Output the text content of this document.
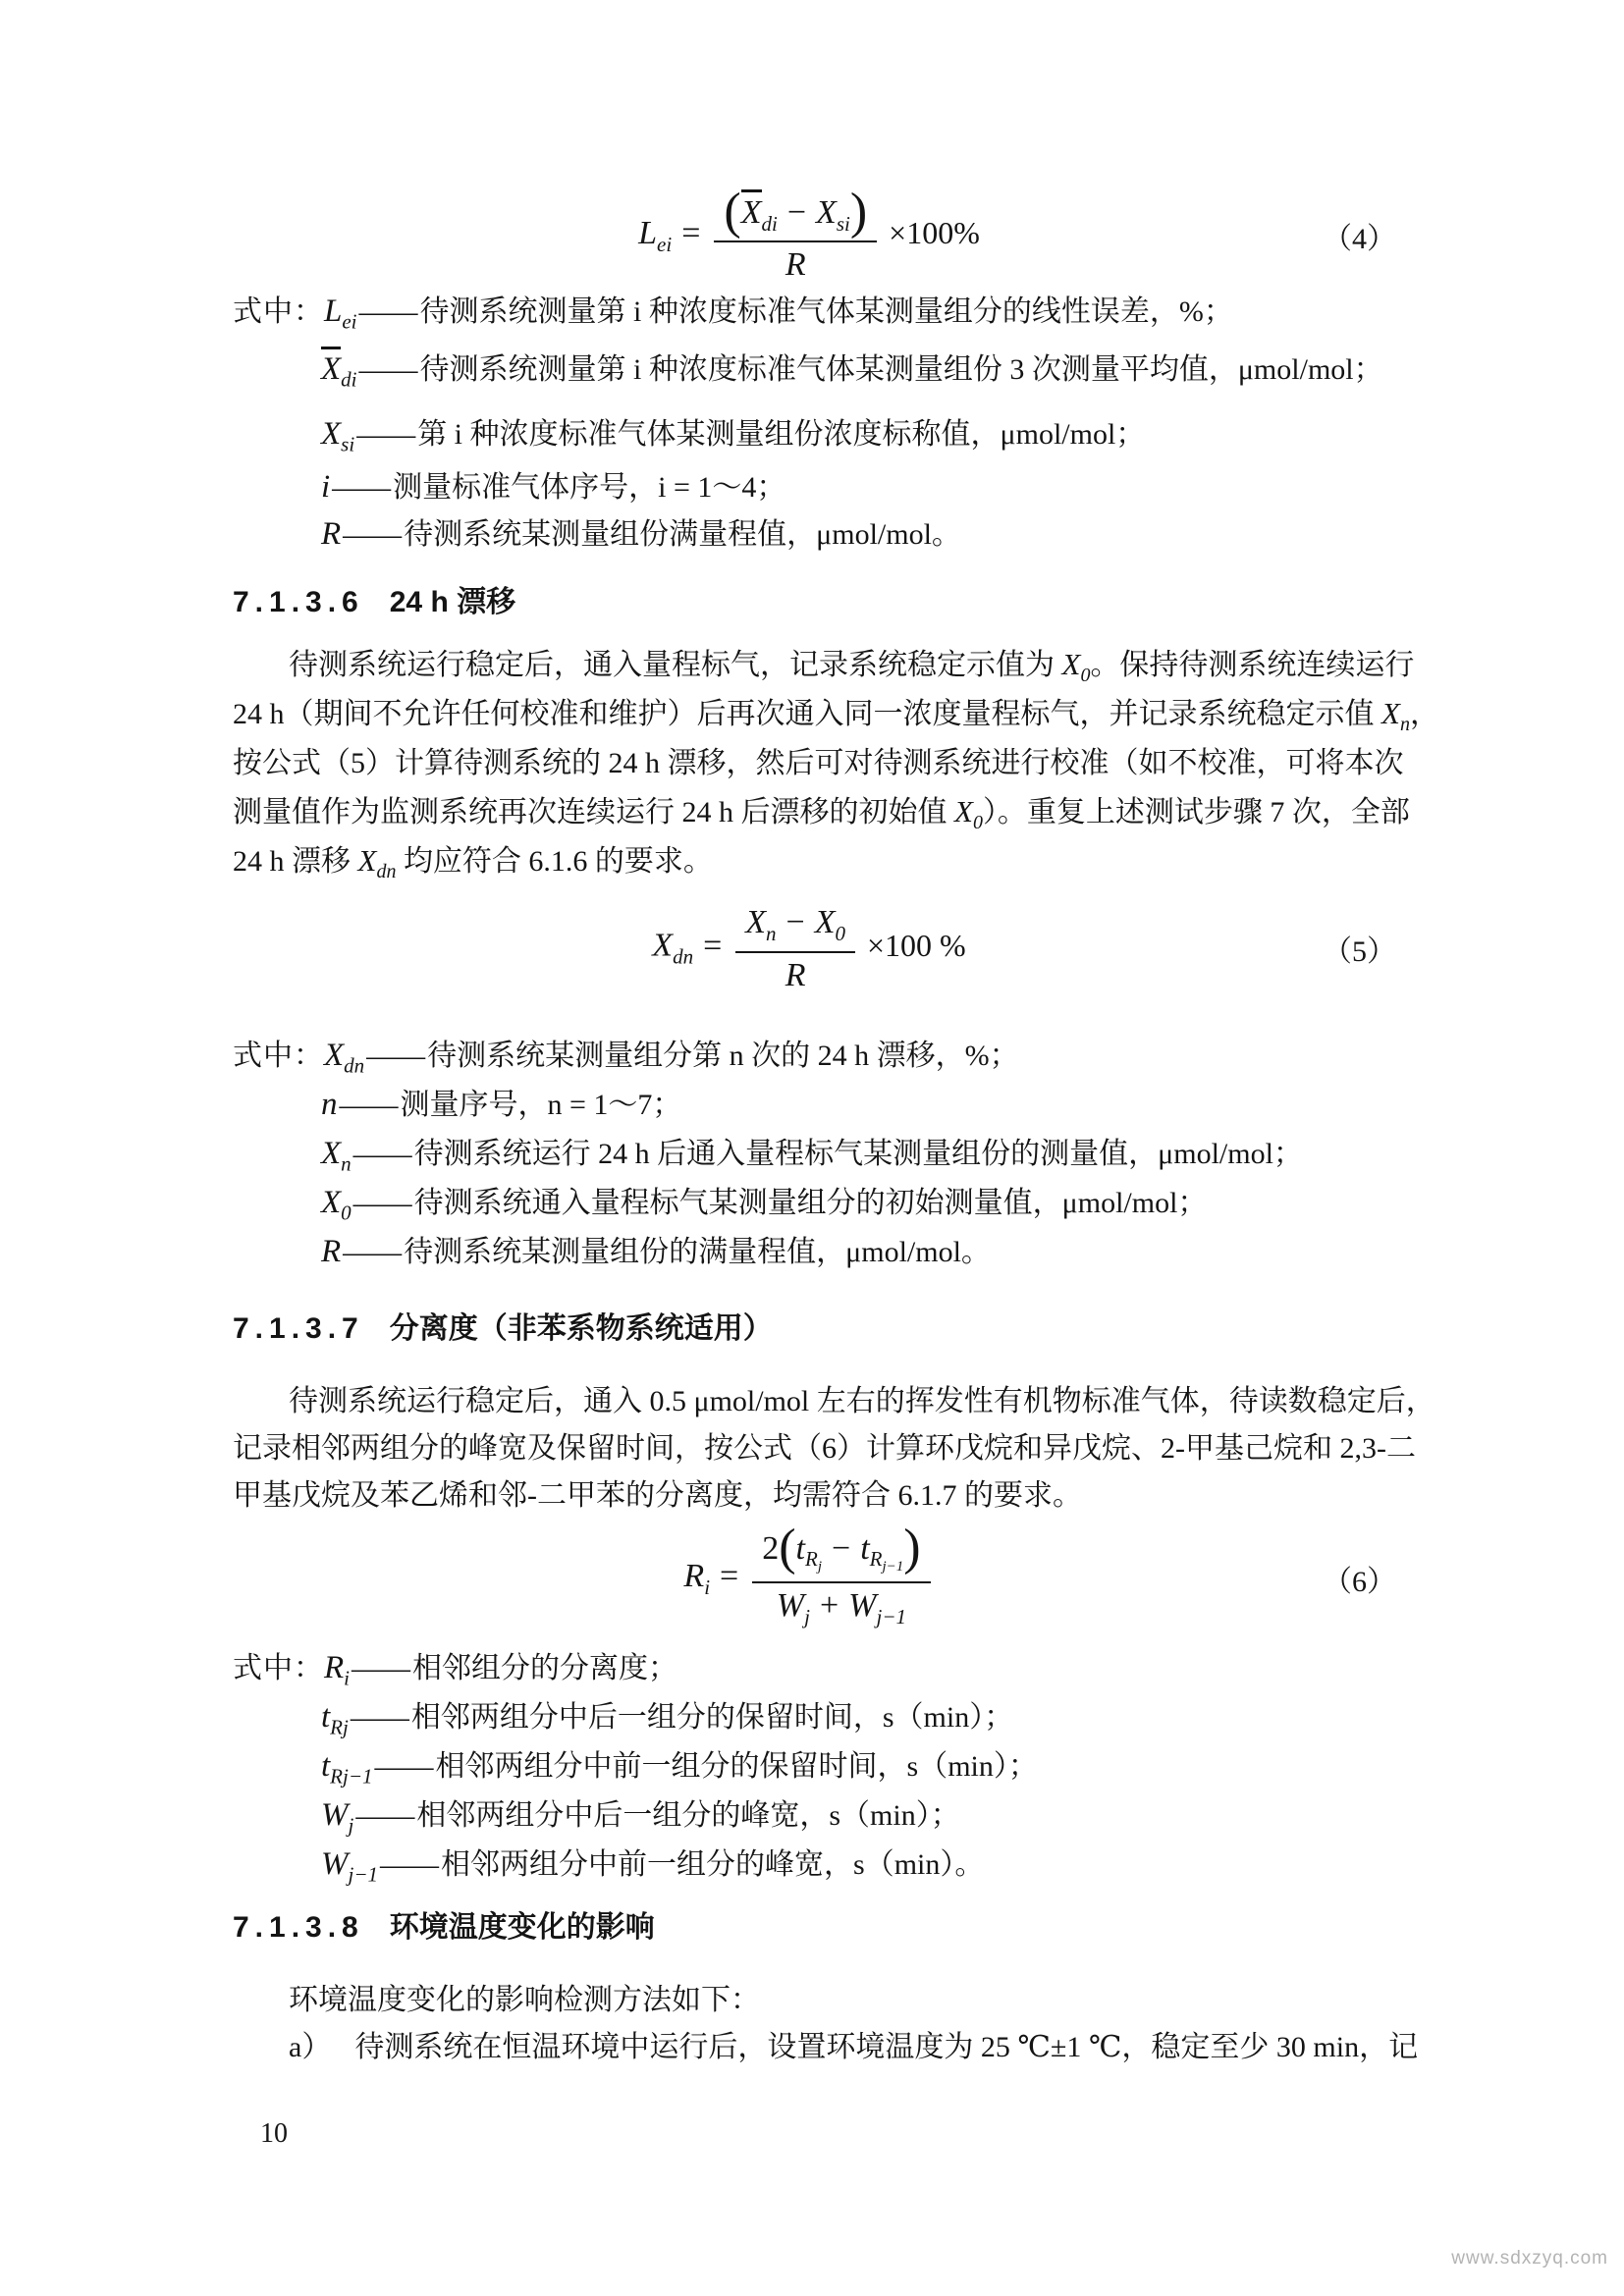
$L_{ei} = \frac{(X_{di} - X_{si})}{R} \times 100\%$	（4）
式中： $L_{ei}$ —— 待测系统测量第 i 种浓度标准气体某测量组分的线性误差，%；
$X_{di}$ —— 待测系统测量第 i 种浓度标准气体某测量组份 3 次测量平均值，μmol/mol；
$X_{si}$ —— 第 i 种浓度标准气体某测量组份浓度标称值，μmol/mol；
i —— 测量标准气体序号，i = 1～4；
R —— 待测系统某测量组份满量程值，μmol/mol。
7.1.3.6 24 h 漂移
待测系统运行稳定后，通入量程标气，记录系统稳定示值为 $X_0$。保持待测系统连续运行
24 h（期间不允许任何校准和维护）后再次通入同一浓度量程标气，并记录系统稳定示值 $X_n$，
按公式（5）计算待测系统的 24 h 漂移，然后可对待测系统进行校准（如不校准，可将本次
测量值作为监测系统再次连续运行 24 h 后漂移的初始值 $X_0$）。重复上述测试步骤 7 次，全部
24 h 漂移 $X_{dn}$ 均应符合 6.1.6 的要求。
$X_{dn} = \frac{X_n - X_0}{R} \times 100$ %	（5）
式中： $X_{dn}$ —— 待测系统某测量组分第 n 次的 24 h 漂移，%；
n —— 测量序号，n = 1～7；
$X_n$ —— 待测系统运行 24 h 后通入量程标气某测量组份的测量值，μmol/mol；
$X_0$ —— 待测系统通入量程标气某测量组分的初始测量值，μmol/mol；
R —— 待测系统某测量组份的满量程值，μmol/mol。
7.1.3.7 分离度（非苯系物系统适用）
待测系统运行稳定后，通入 0.5 μmol/mol 左右的挥发性有机物标准气体，待读数稳定后，
记录相邻两组分的峰宽及保留时间，按公式（6）计算环戊烷和异戊烷、2-甲基己烷和 2,3-二
甲基戊烷及苯乙烯和邻-二甲苯的分离度，均需符合 6.1.7 的要求。
$R_i = \frac{2(t_{R_j}- t_{R_{j-1}})}{W_j + W_{j-1}}$	（6）
式中： $R_i$ —— 相邻组分的分离度；
$t_{Rj}$ —— 相邻两组分中后一组分的保留时间，s（min）；
$t_{Rj-1}$ —— 相邻两组分中前一组分的保留时间，s（min）；
$W_j$ —— 相邻两组分中后一组分的峰宽，s（min）；
$W_{j-1}$ —— 相邻两组分中前一组分的峰宽，s（min）。
7.1.3.8 环境温度变化的影响
环境温度变化的影响检测方法如下：
a） 待测系统在恒温环境中运行后，设置环境温度为 25 ℃±1 ℃，稳定至少 30 min，记
10
www.sdxzyq.com
